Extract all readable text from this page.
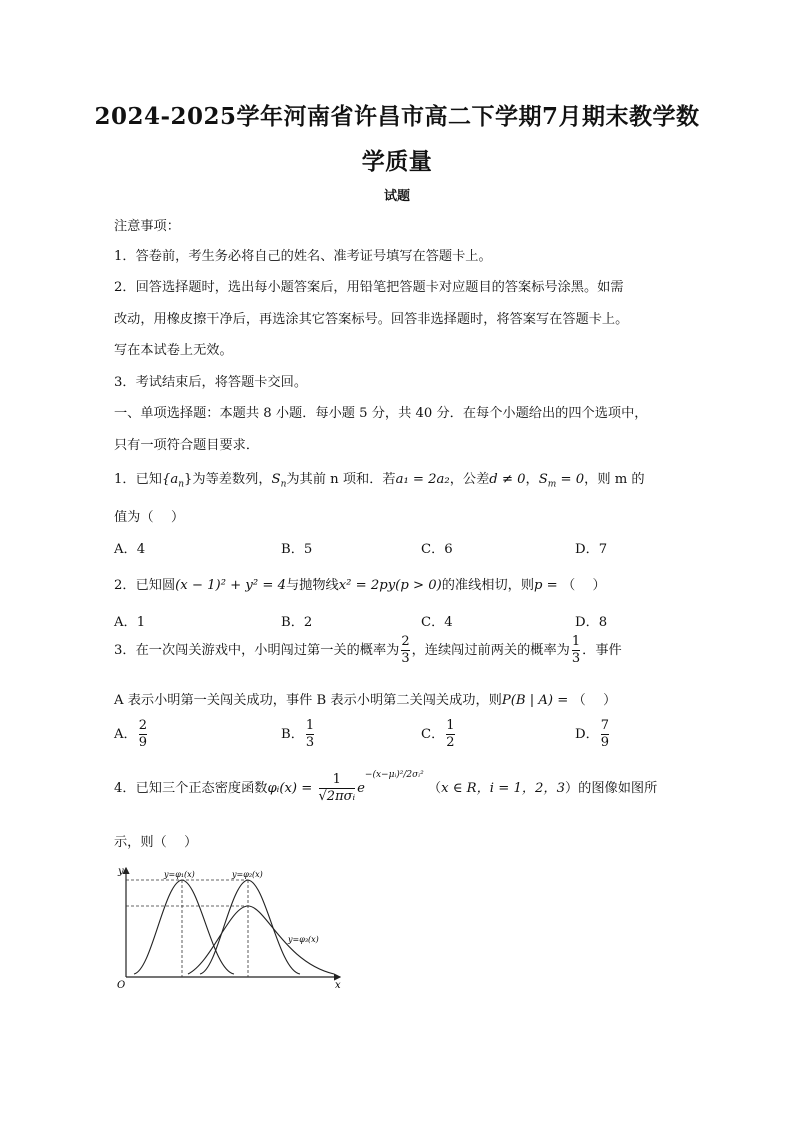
2024-2025学年河南省许昌市高二下学期7月期末教学数
学质量
试题
注意事项：
1．答卷前，考生务必将自己的姓名、准考证号填写在答题卡上。
2．回答选择题时，选出每小题答案后，用铅笔把答题卡对应题目的答案标号涂黑。如需
改动，用橡皮擦干净后，再选涂其它答案标号。回答非选择题时，将答案写在答题卡上。
写在本试卷上无效。
3．考试结束后，将答题卡交回。
一、单项选择题：本题共 8 小题．每小题 5 分，共 40 分．在每个小题给出的四个选项中，
只有一项符合题目要求．
1．已知$\{a_n\}$为等差数列，$S_n$为其前 n 项和．若a₁ = 2a₂，公差d ≠ 0，$S_m = 0$，则 m 的
值为（　 ）
A．4	B．5	C．6	D．7
2．已知圆(x − 1)² + y² = 4与抛物线x² = 2py(p > 0)的准线相切，则p = （　 ）
A．1	B．2	C．4	D．8
3．在一次闯关游戏中，小明闯过第一关的概率为 $\frac{2}{3}$ ，连续闯过前两关的概率为 $\frac{1}{3}$ ．事件
A 表示小明第一关闯关成功，事件 B 表示小明第二关闯关成功，则P(B | A) = （　 ）
A． $\frac{2}{9}$	B． $\frac{1}{3}$	C． $\frac{1}{2}$	D． $\frac{7}{9}$
4．已知三个正态密度函数φᵢ(x) = $\frac{1}{\text{√2πσᵢ}} e^{-(x-\mu ᵢ)^2/2\sigma ᵢ^2}$ （x ∈ R，i = 1，2，3）的图像如图所
示，则（　 ）
y
x
O
y=φ₁(x)	y=φ₂(x)
y=φ₃(x)
